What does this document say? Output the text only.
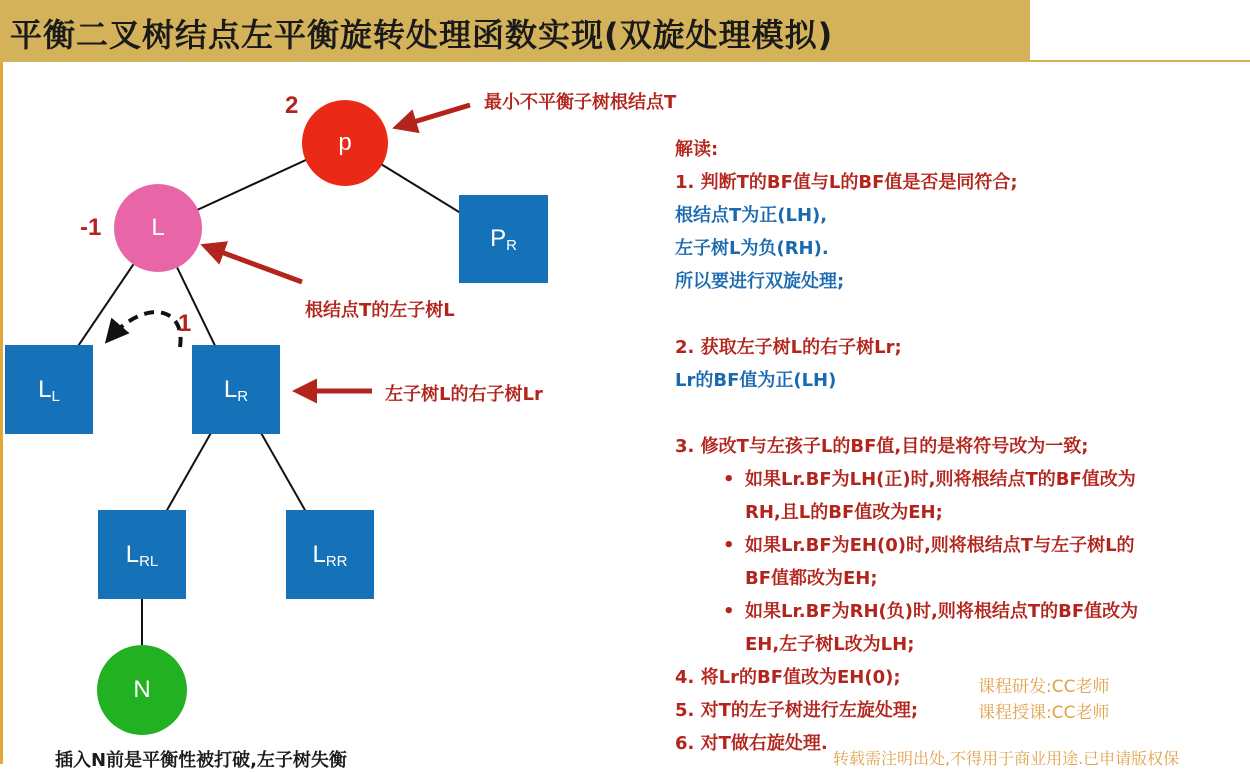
平衡二叉树结点左平衡旋转处理函数实现(双旋处理模拟)
p
L	$P_R$
$L_L$	$L_R$
$L_{RL}$	$L_{RR}$
N
2
-1
1
最小不平衡子树根结点T
根结点T的左子树L
左子树L的右子树Lr
解读:
1. 判断T的BF值与L的BF值是否是同符合;
根结点T为正(LH),
左子树L为负(RH).
所以要进行双旋处理;
2. 获取左子树L的右子树Lr;
Lr的BF值为正(LH)
3. 修改T与左孩子L的BF值,目的是将符号改为一致;
• 如果Lr.BF为LH(正)时,则将根结点T的BF值改为
RH,且L的BF值改为EH;
• 如果Lr.BF为EH(0)时,则将根结点T与左子树L的
BF值都改为EH;
• 如果Lr.BF为RH(负)时,则将根结点T的BF值改为
EH,左子树L改为LH;
4. 将Lr的BF值改为EH(0);
5. 对T的左子树进行左旋处理;
6. 对T做右旋处理.
课程研发:CC老师
课程授课:CC老师
转载需注明出处,不得用于商业用途.已申请版权保
插入N前是平衡性被打破,左子树失衡
